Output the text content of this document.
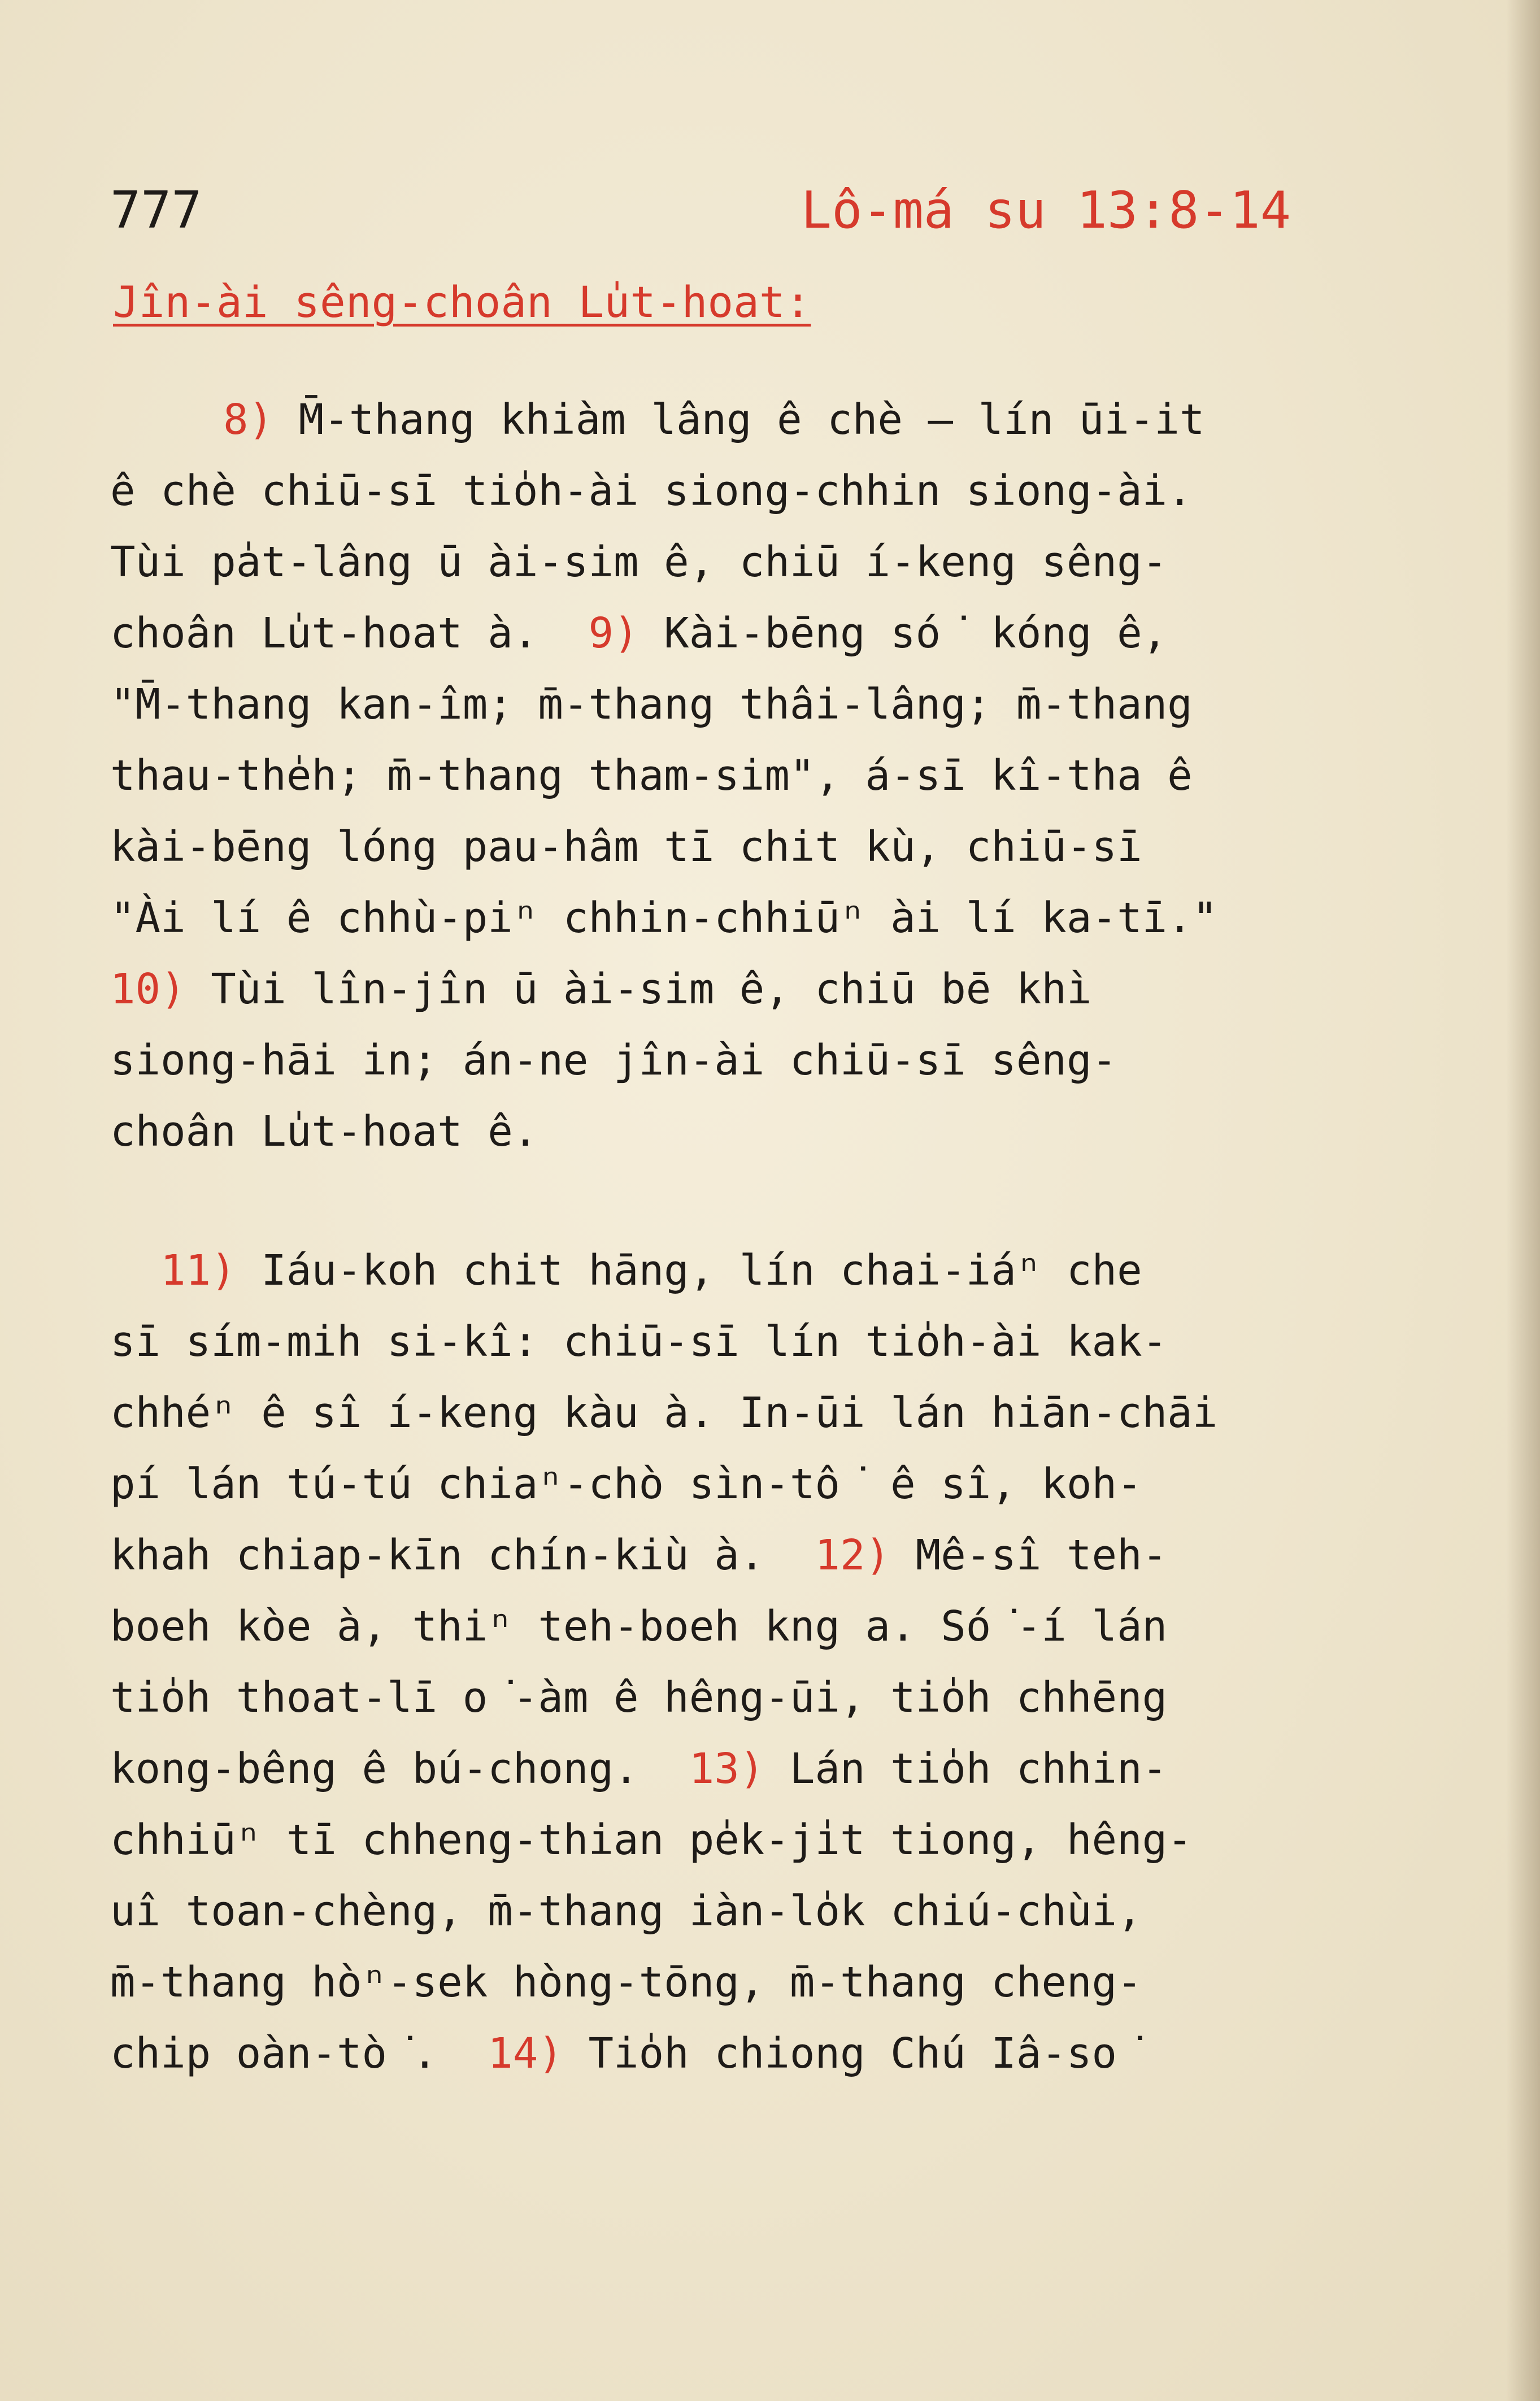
777	Lô-má su 13:8-14
Jîn-ài sêng-choân Lu̍t-hoat:
8) M̄-thang khiàm lâng ê chè — lín ūi-it
ê chè chiū-sī tio̍h-ài siong-chhin siong-ài.
Tùi pa̍t-lâng ū ài-sim ê, chiū í-keng sêng-
choân Lu̍t-hoat à.  9) Kài-bēng só͘ kóng ê,
"M̄-thang kan-îm; m̄-thang thâi-lâng; m̄-thang
thau-the̍h; m̄-thang tham-sim", á-sī kî-tha ê
kài-bēng lóng pau-hâm tī chit kù, chiū-sī
"Ài lí ê chhù-piⁿ chhin-chhiūⁿ ài lí ka-tī."
10) Tùi lîn-jîn ū ài-sim ê, chiū bē khì
siong-hāi in; án-ne jîn-ài chiū-sī sêng-
choân Lu̍t-hoat ê.
11) Iáu-koh chit hāng, lín chai-iáⁿ che
sī sím-mih si-kî: chiū-sī lín tio̍h-ài kak-
chhéⁿ ê sî í-keng kàu à. In-ūi lán hiān-chāi
pí lán tú-tú chiaⁿ-chò sìn-tô͘ ê sî, koh-
khah chiap-kīn chín-kiù à.  12) Mê-sî teh-
boeh kòe à, thiⁿ teh-boeh kng a. Só͘-í lán
tio̍h thoat-lī o͘-àm ê hêng-ūi, tio̍h chhēng
kong-bêng ê bú-chong.  13) Lán tio̍h chhin-
chhiūⁿ tī chheng-thian pe̍k-ji̍t tiong, hêng-
uî toan-chèng, m̄-thang iàn-lo̍k chiú-chùi,
m̄-thang hòⁿ-sek hòng-tōng, m̄-thang cheng-
chip oàn-tò͘.  14) Tio̍h chiong Chú Iâ-so͘
